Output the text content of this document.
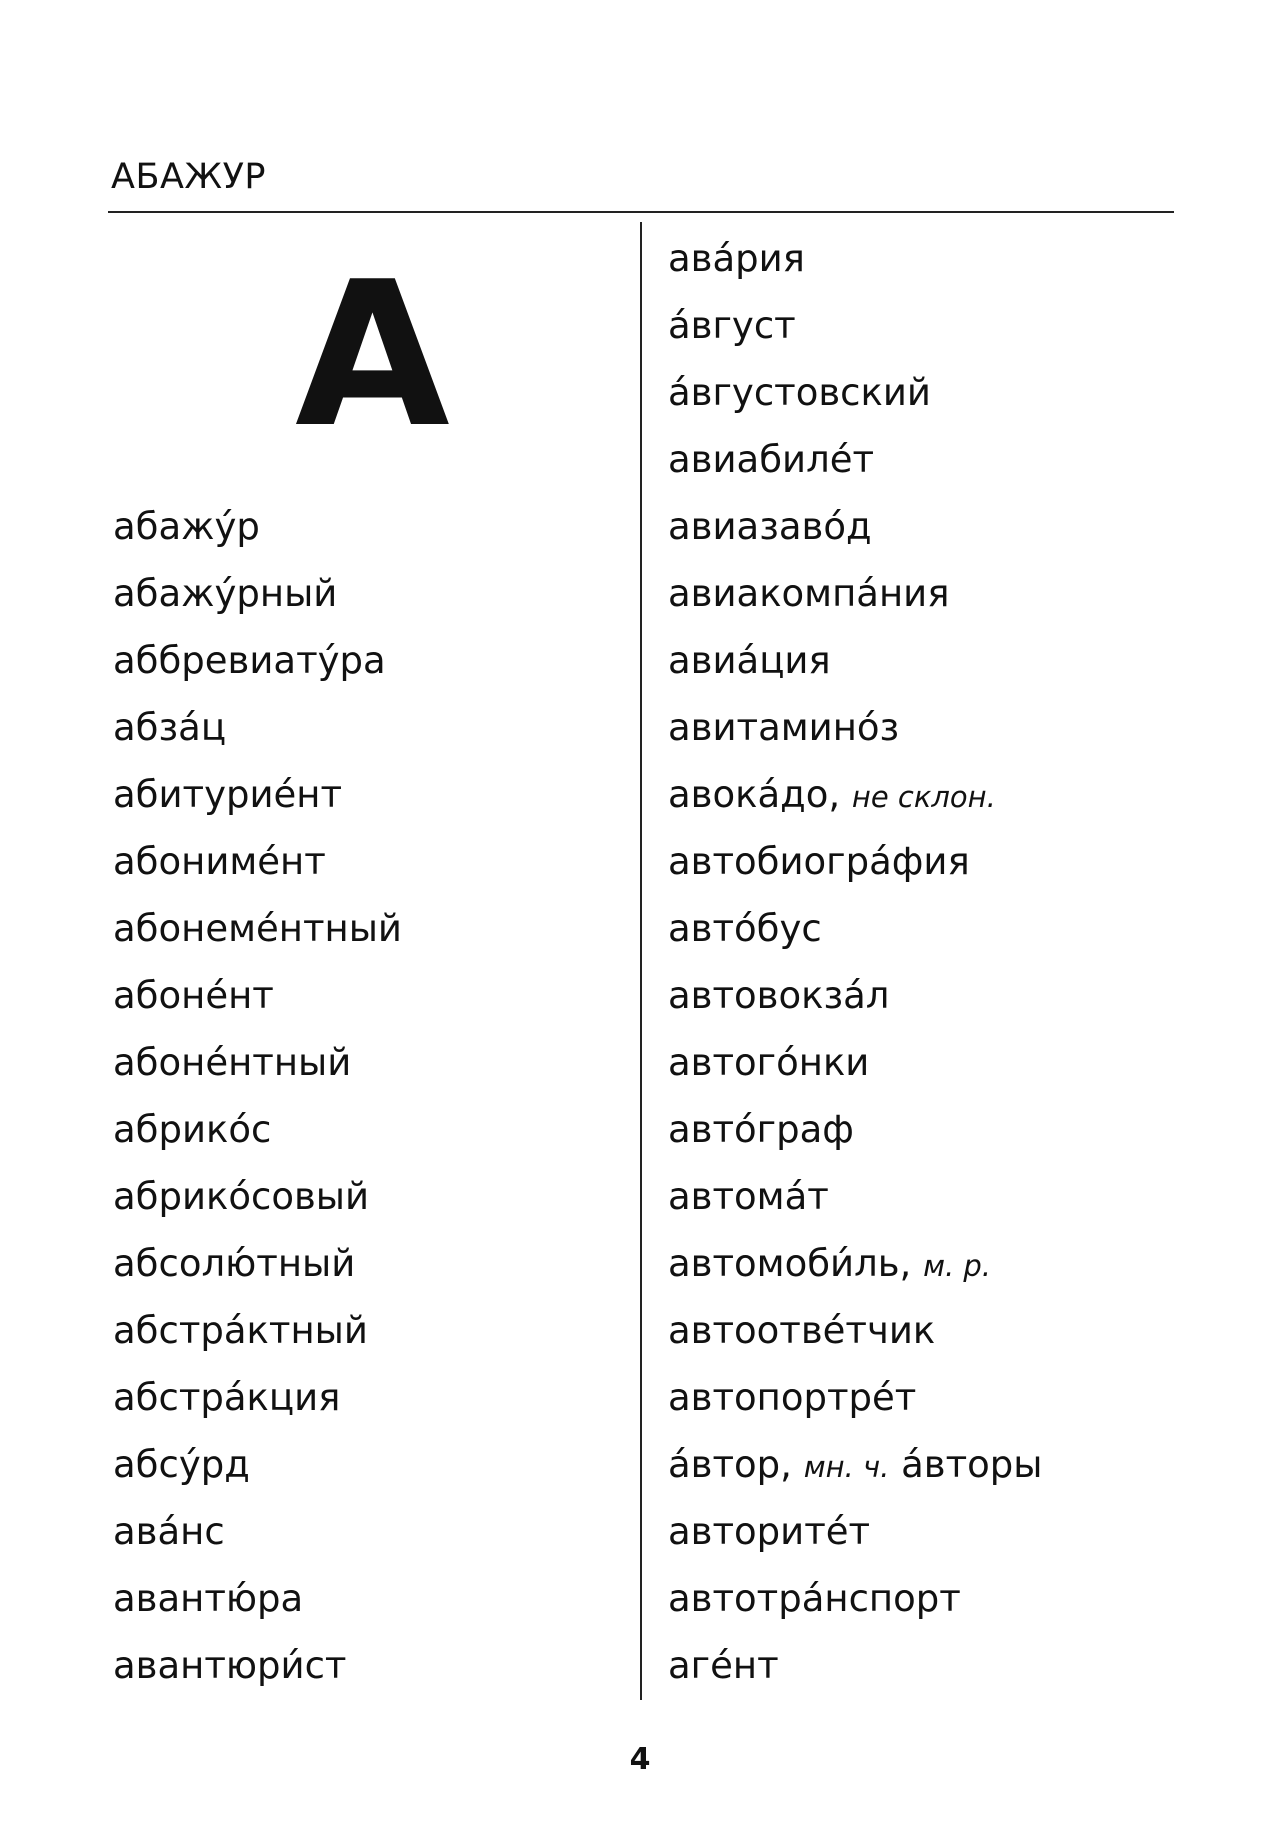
АБАЖУР
А
абажу́р
абажу́рный
аббревиату́ра
абза́ц
абитурие́нт
абониме́нт
абонеме́нтный
абоне́нт
абоне́нтный
абрико́с
абрико́совый
абсолю́тный
абстра́ктный
абстра́кция
абсу́рд
ава́нс
авантю́ра
авантюри́ст
ава́рия
а́вгуст
а́вгустовский
авиабиле́т
авиазаво́д
авиакомпа́ния
авиа́ция
авитамино́з
авока́до, не склон.
автобиогра́фия
авто́бус
автовокза́л
автого́нки
авто́граф
автома́т
автомоби́ль, м. р.
автоотве́тчик
автопортре́т
а́втор, мн. ч. а́вторы
авторите́т
автотра́нспорт
аге́нт
4
